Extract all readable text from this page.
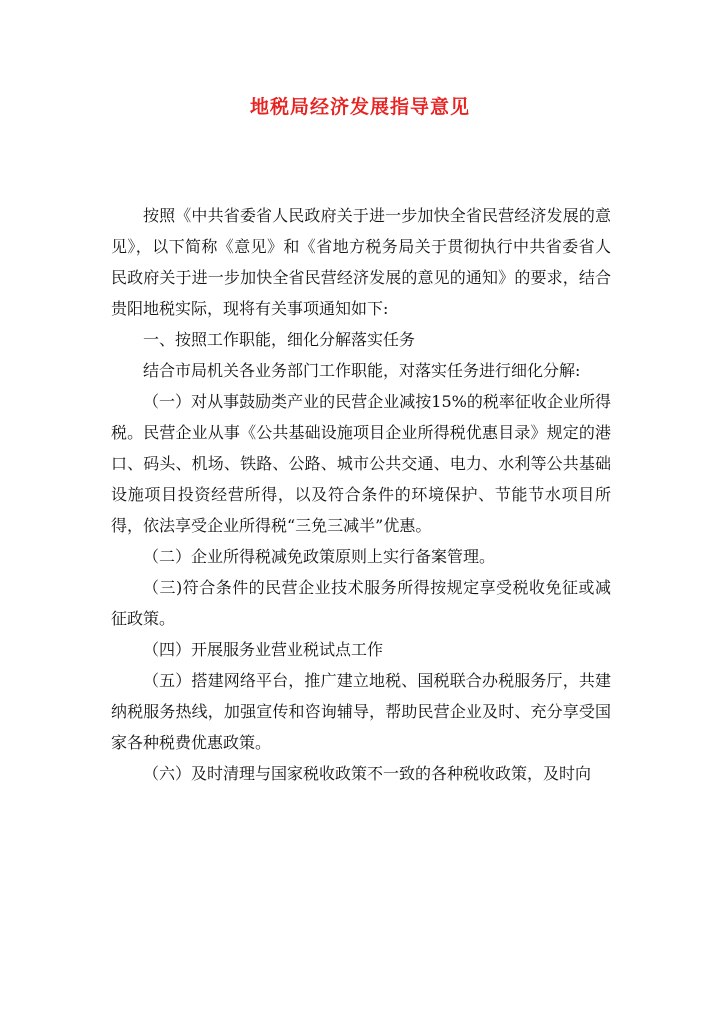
地税局经济发展指导意见

按照《中共省委省人民政府关于进一步加快全省民营经济发展的意见》，以下简称《意见》和《省地方税务局关于贯彻执行中共省委省人民政府关于进一步加快全省民营经济发展的意见的通知》的要求，结合贵阳地税实际，现将有关事项通知如下:

一、按照工作职能，细化分解落实任务

结合市局机关各业务部门工作职能，对落实任务进行细化分解:

（一）对从事鼓励类产业的民营企业减按15%的税率征收企业所得税。民营企业从事《公共基础设施项目企业所得税优惠目录》规定的港口、码头、机场、铁路、公路、城市公共交通、电力、水利等公共基础设施项目投资经营所得，以及符合条件的环境保护、节能节水项目所得，依法享受企业所得税“三免三减半”优惠。

（二）企业所得税减免政策原则上实行备案管理。

（三)符合条件的民营企业技术服务所得按规定享受税收免征或减征政策。

（四）开展服务业营业税试点工作

（五）搭建网络平台，推广建立地税、国税联合办税服务厅，共建纳税服务热线，加强宣传和咨询辅导，帮助民营企业及时、充分享受国家各种税费优惠政策。

（六）及时清理与国家税收政策不一致的各种税收政策，及时向
